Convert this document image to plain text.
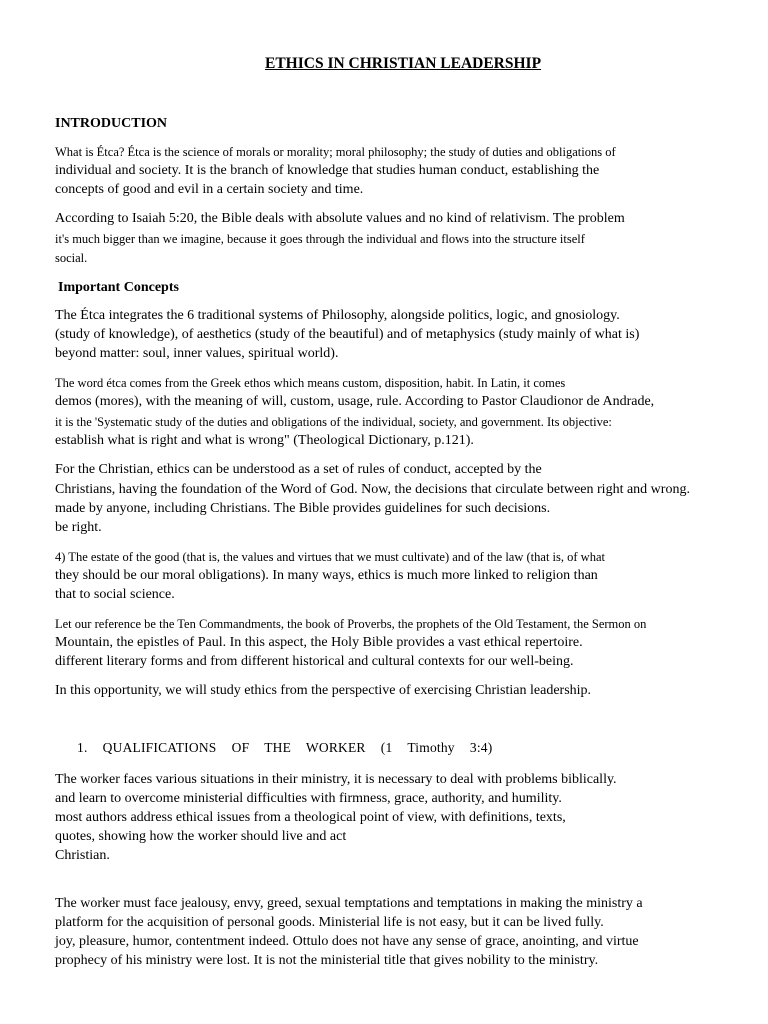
ETHICS IN CHRISTIAN LEADERSHIP
INTRODUCTION
What is Étca? Étca is the science of morals or morality; moral philosophy; the study of duties and obligations of
individual and society. It is the branch of knowledge that studies human conduct, establishing the
concepts of good and evil in a certain society and time.
According to Isaiah 5:20, the Bible deals with absolute values and no kind of relativism. The problem
it's much bigger than we imagine, because it goes through the individual and flows into the structure itself
social.
Important Concepts
The Étca integrates the 6 traditional systems of Philosophy, alongside politics, logic, and gnosiology.
(study of knowledge), of aesthetics (study of the beautiful) and of metaphysics (study mainly of what is)
beyond matter: soul, inner values, spiritual world).
The word étca comes from the Greek ethos which means custom, disposition, habit. In Latin, it comes
demos (mores), with the meaning of will, custom, usage, rule. According to Pastor Claudionor de Andrade,
it is the 'Systematic study of the duties and obligations of the individual, society, and government. Its objective:
establish what is right and what is wrong" (Theological Dictionary, p.121).
For the Christian, ethics can be understood as a set of rules of conduct, accepted by the
Christians, having the foundation of the Word of God. Now, the decisions that circulate between right and wrong.
made by anyone, including Christians. The Bible provides guidelines for such decisions.
be right.
4) The estate of the good (that is, the values and virtues that we must cultivate) and of the law (that is, of what
they should be our moral obligations). In many ways, ethics is much more linked to religion than
that to social science.
Let our reference be the Ten Commandments, the book of Proverbs, the prophets of the Old Testament, the Sermon on
Mountain, the epistles of Paul. In this aspect, the Holy Bible provides a vast ethical repertoire.
different literary forms and from different historical and cultural contexts for our well-being.
In this opportunity, we will study ethics from the perspective of exercising Christian leadership.
1.  QUALIFICATIONS  OF  THE  WORKER  (1  Timothy  3:4)
The worker faces various situations in their ministry, it is necessary to deal with problems biblically.
and learn to overcome ministerial difficulties with firmness, grace, authority, and humility.
most authors address ethical issues from a theological point of view, with definitions, texts,
quotes, showing how the worker should live and act
Christian.
The worker must face jealousy, envy, greed, sexual temptations and temptations in making the ministry a
platform for the acquisition of personal goods. Ministerial life is not easy, but it can be lived fully.
joy, pleasure, humor, contentment indeed. Ottulo does not have any sense of grace, anointing, and virtue
prophecy of his ministry were lost. It is not the ministerial title that gives nobility to the ministry.
